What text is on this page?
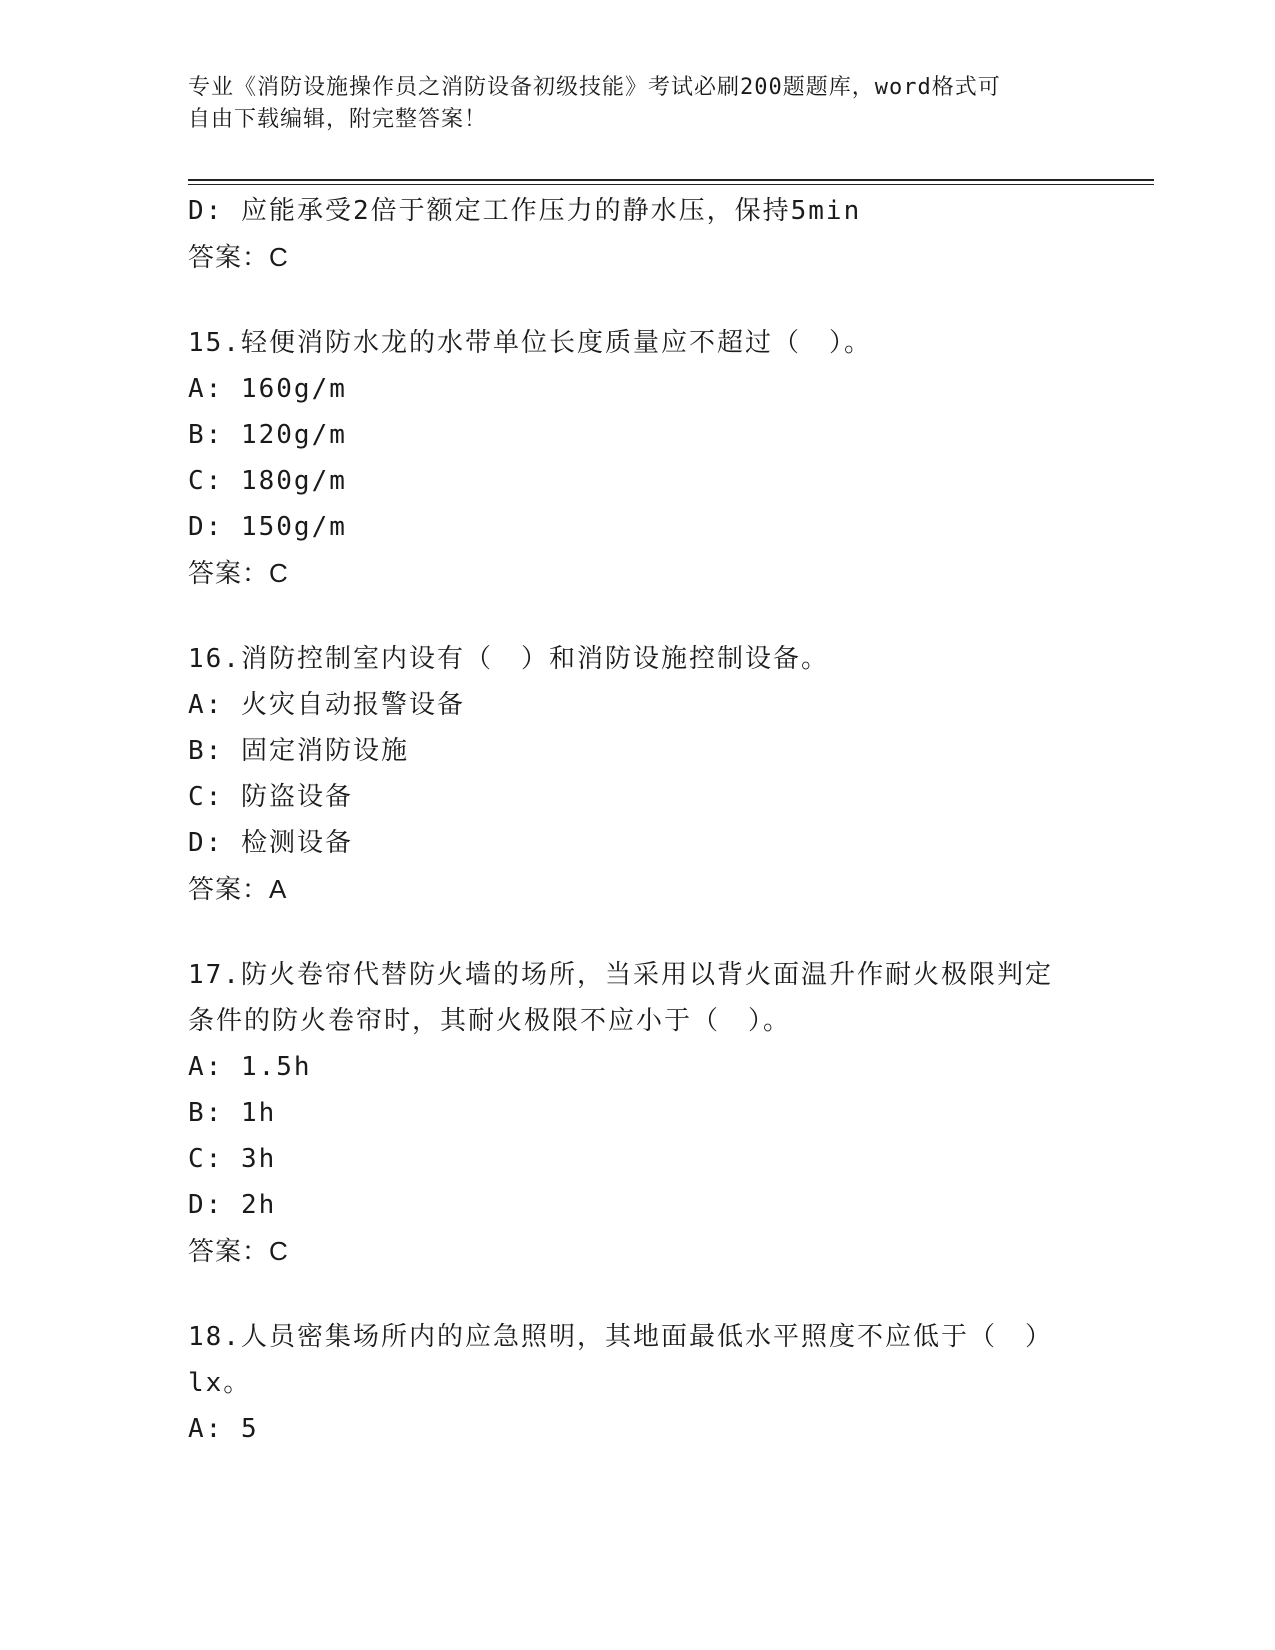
专业《消防设施操作员之消防设备初级技能》考试必刷200题题库，word格式可
自由下载编辑，附完整答案！
D: 应能承受2倍于额定工作压力的静水压，保持5min
答案：C
15.轻便消防水龙的水带单位长度质量应不超过（　）。
A: 160g/m
B: 120g/m
C: 180g/m
D: 150g/m
答案：C
16.消防控制室内设有（　）和消防设施控制设备。
A: 火灾自动报警设备
B: 固定消防设施
C: 防盗设备
D: 检测设备
答案：A
17.防火卷帘代替防火墙的场所，当采用以背火面温升作耐火极限判定
条件的防火卷帘时，其耐火极限不应小于（　）。
A: 1.5h
B: 1h
C: 3h
D: 2h
答案：C
18.人员密集场所内的应急照明，其地面最低水平照度不应低于（　）
lx。
A: 5
